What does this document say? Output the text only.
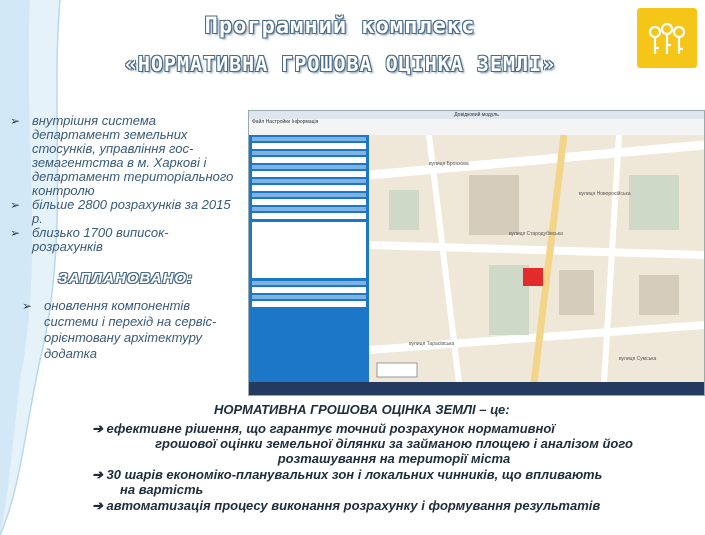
Програмний комплекс
«НОРМАТИВНА ГРОШОВА ОЦІНКА ЗЕМЛІ»
➢ внутрішня система департамент земельних стосунків, управління гос-земагентства в м. Харкові і департамент територіального контролю
➢ більше 2800 розрахунків за 2015 р.
➢ близько 1700 виписок-розрахунків
ЗАПЛАНОВАНО:
➢ оновлення компонентів системи і перехід на сервіс-орієнтовану архітектуру додатка
Довідковий модуль
Файл Настройки Інформація
вулиця Бронзова
вулиця Стародубівська
вулиця Тарасівська
вулиця Новоросійська
вулиця Сумська
НОРМАТИВНА ГРОШОВА ОЦІНКА ЗЕМЛІ – це:

➔ ефективне рішення, що гарантує точний розрахунок нормативної
грошової оцінки земельної ділянки за займаною площею і аналізом його розташування на території міста

➔ 30 шарів економіко-планувальних зон і локальних чинників, що впливають
на вартість

➔ автоматизація процесу виконання розрахунку і формування результатів
